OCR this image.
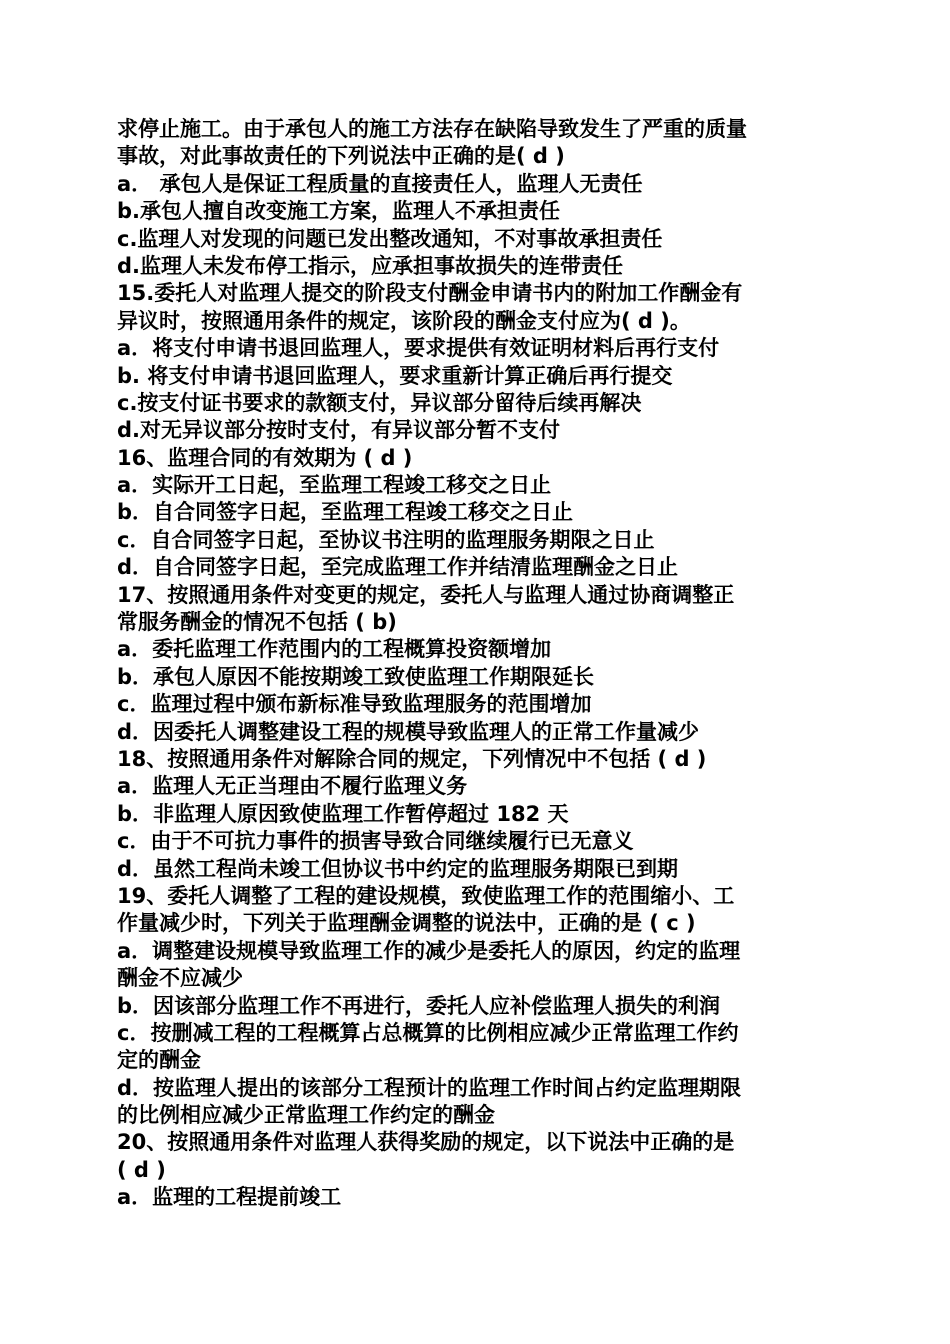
求停止施工。由于承包人的施工方法存在缺陷导致发生了严重的质量
事故，对此事故责任的下列说法中正确的是( d )
a． 承包人是保证工程质量的直接责任人，监理人无责任
b.承包人擅自改变施工方案，监理人不承担责任
c.监理人对发现的问题已发出整改通知，不对事故承担责任
d.监理人未发布停工指示，应承担事故损失的连带责任
15.委托人对监理人提交的阶段支付酬金申请书内的附加工作酬金有
异议时，按照通用条件的规定，该阶段的酬金支付应为( d )。
a．将支付申请书退回监理人，要求提供有效证明材料后再行支付
b. 将支付申请书退回监理人，要求重新计算正确后再行提交
c.按支付证书要求的款额支付，异议部分留待后续再解决
d.对无异议部分按时支付，有异议部分暂不支付
16、监理合同的有效期为 ( d )
a．实际开工日起，至监理工程竣工移交之日止
b．自合同签字日起，至监理工程竣工移交之日止
c．自合同签字日起，至协议书注明的监理服务期限之日止
d．自合同签字日起，至完成监理工作并结清监理酬金之日止
17、按照通用条件对变更的规定，委托人与监理人通过协商调整正
常服务酬金的情况不包括 ( b)
a．委托监理工作范围内的工程概算投资额增加
b．承包人原因不能按期竣工致使监理工作期限延长
c．监理过程中颁布新标准导致监理服务的范围增加
d．因委托人调整建设工程的规模导致监理人的正常工作量减少
18、按照通用条件对解除合同的规定，下列情况中不包括 ( d )
a．监理人无正当理由不履行监理义务
b．非监理人原因致使监理工作暂停超过 182 天
c．由于不可抗力事件的损害导致合同继续履行已无意义
d．虽然工程尚未竣工但协议书中约定的监理服务期限已到期
19、委托人调整了工程的建设规模，致使监理工作的范围缩小、工
作量减少时，下列关于监理酬金调整的说法中，正确的是 ( c )
a．调整建设规模导致监理工作的减少是委托人的原因，约定的监理
酬金不应减少
b．因该部分监理工作不再进行，委托人应补偿监理人损失的利润
c．按删减工程的工程概算占总概算的比例相应减少正常监理工作约
定的酬金
d．按监理人提出的该部分工程预计的监理工作时间占约定监理期限
的比例相应减少正常监理工作约定的酬金
20、按照通用条件对监理人获得奖励的规定，以下说法中正确的是
( d )
a．监理的工程提前竣工
